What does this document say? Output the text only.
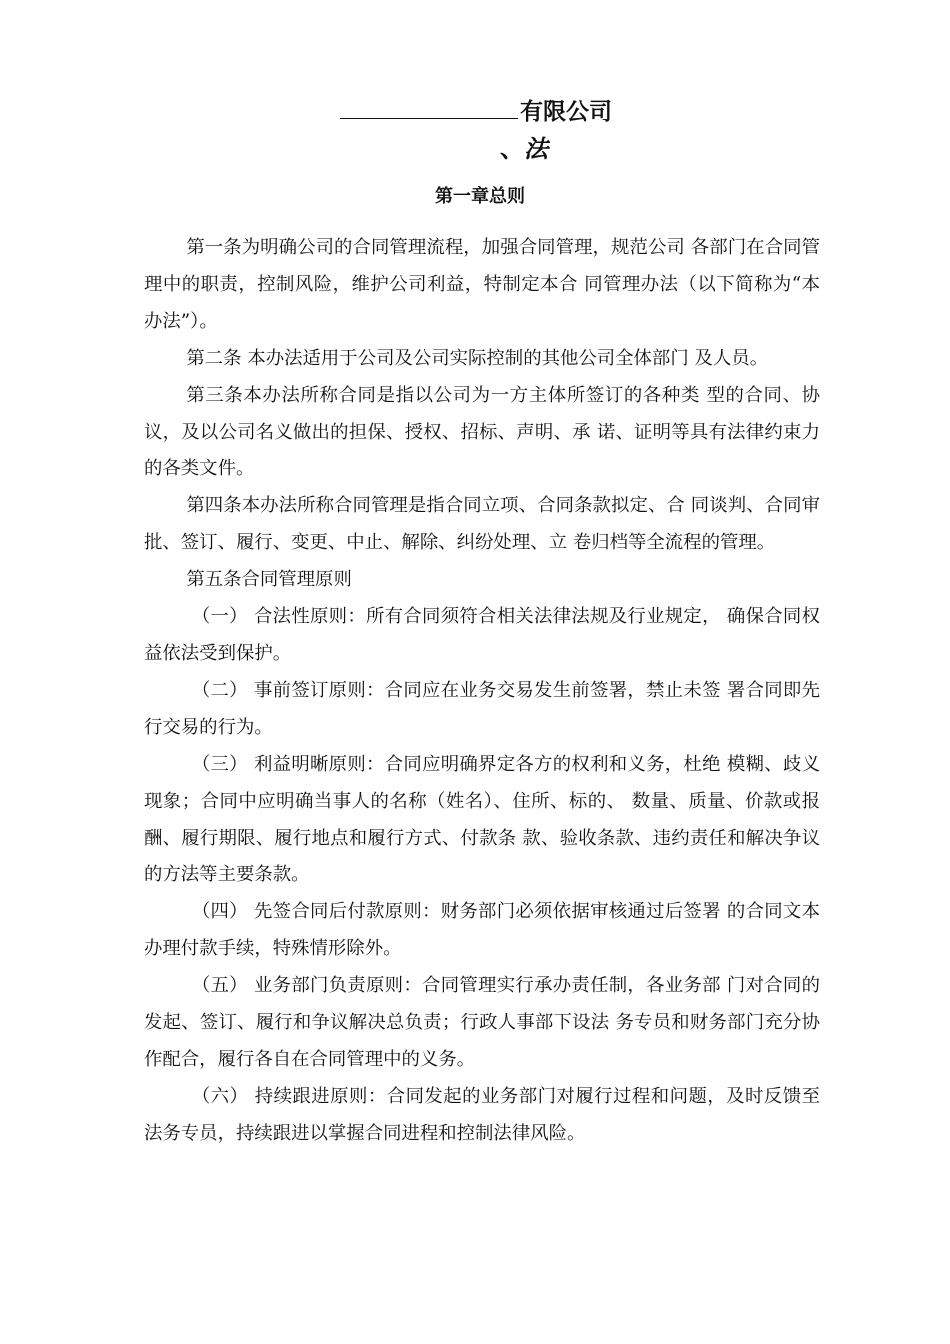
有限公司
、法
第一章总则

第一条为明确公司的合同管理流程，加强合同管理，规范公司 各部门在合同管理中的职责，控制风险，维护公司利益，特制定本合 同管理办法（以下简称为“本办法”）。

第二条 本办法适用于公司及公司实际控制的其他公司全体部门 及人员。

第三条本办法所称合同是指以公司为一方主体所签订的各种类 型的合同、协议，及以公司名义做出的担保、授权、招标、声明、承 诺、证明等具有法律约束力的各类文件。

第四条本办法所称合同管理是指合同立项、合同条款拟定、合 同谈判、合同审批、签订、履行、变更、中止、解除、纠纷处理、立 卷归档等全流程的管理。

第五条合同管理原则

（一） 合法性原则：所有合同须符合相关法律法规及行业规定， 确保合同权益依法受到保护。

（二） 事前签订原则：合同应在业务交易发生前签署，禁止未签 署合同即先行交易的行为。

（三） 利益明晰原则：合同应明确界定各方的权利和义务，杜绝 模糊、歧义现象；合同中应明确当事人的名称（姓名）、住所、标的、 数量、质量、价款或报酬、履行期限、履行地点和履行方式、付款条 款、验收条款、违约责任和解决争议的方法等主要条款。

（四） 先签合同后付款原则：财务部门必须依据审核通过后签署 的合同文本办理付款手续，特殊情形除外。

（五） 业务部门负责原则：合同管理实行承办责任制，各业务部 门对合同的发起、签订、履行和争议解决总负责；行政人事部下设法 务专员和财务部门充分协作配合，履行各自在合同管理中的义务。

（六） 持续跟进原则：合同发起的业务部门对履行过程和问题，及时反馈至法务专员，持续跟进以掌握合同进程和控制法律风险。
